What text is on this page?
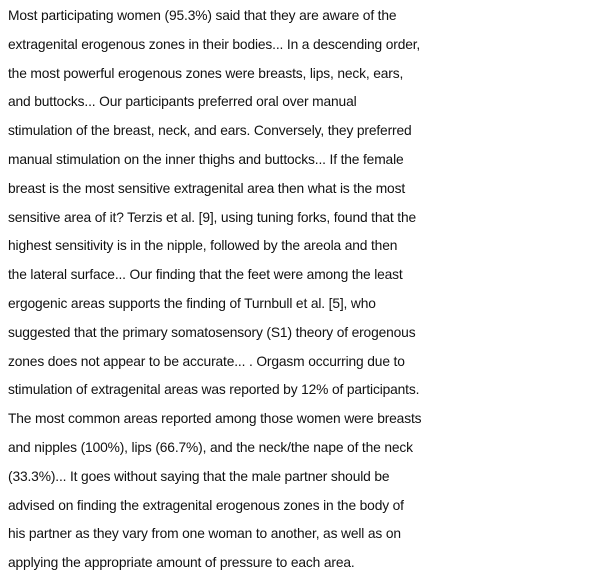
Most participating women (95.3%) said that they are aware of the
extragenital erogenous zones in their bodies... In a descending order,
the most powerful erogenous zones were breasts, lips, neck, ears,
and buttocks... Our participants preferred oral over manual
stimulation of the breast, neck, and ears. Conversely, they preferred
manual stimulation on the inner thighs and buttocks... If the female
breast is the most sensitive extragenital area then what is the most
sensitive area of it? Terzis et al. [9], using tuning forks, found that the
highest sensitivity is in the nipple, followed by the areola and then
the lateral surface... Our finding that the feet were among the least
ergogenic areas supports the finding of Turnbull et al. [5], who
suggested that the primary somatosensory (S1) theory of erogenous
zones does not appear to be accurate... . Orgasm occurring due to
stimulation of extragenital areas was reported by 12% of participants.
The most common areas reported among those women were breasts
and nipples (100%), lips (66.7%), and the neck/the nape of the neck
(33.3%)... It goes without saying that the male partner should be
advised on finding the extragenital erogenous zones in the body of
his partner as they vary from one woman to another, as well as on
applying the appropriate amount of pressure to each area.
